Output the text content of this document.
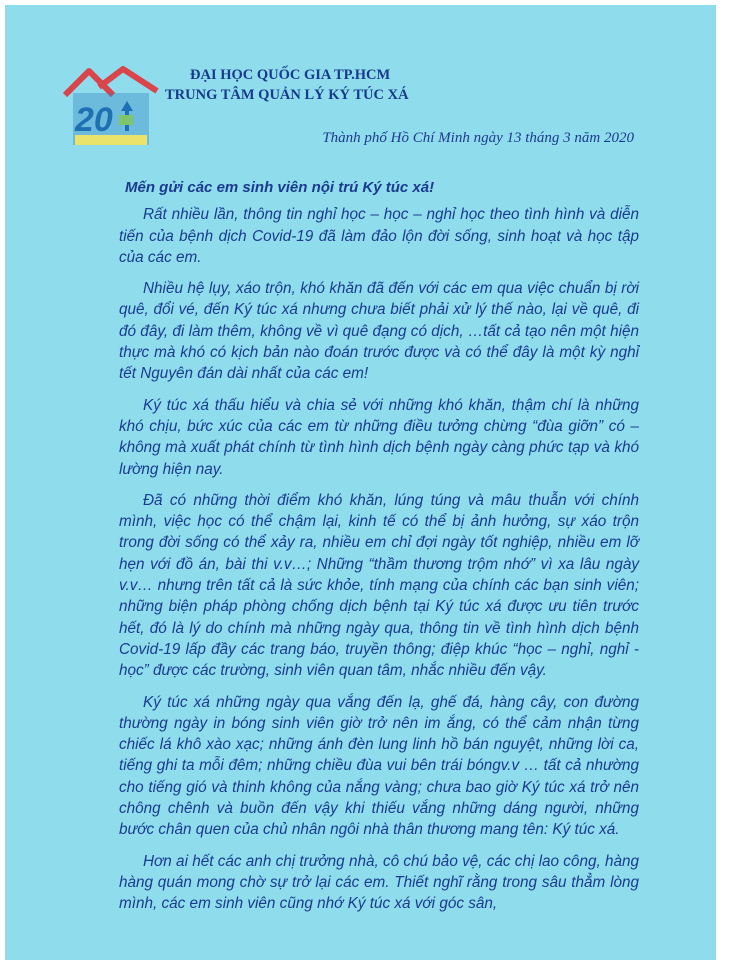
20
ĐẠI HỌC QUỐC GIA TP.HCM
TRUNG TÂM QUẢN LÝ KÝ TÚC XÁ
Thành phố Hồ Chí Minh ngày 13 tháng 3 năm 2020
Mến gửi các em sinh viên nội trú Ký túc xá!

Rất nhiều lần, thông tin nghỉ học – học – nghỉ học theo tình hình và diễn tiến của bệnh dịch Covid-19 đã làm đảo lộn đời sống, sinh hoạt và học tập của các em.

Nhiều hệ lụy, xáo trộn, khó khăn đã đến với các em qua việc chuẩn bị rời quê, đổi vé, đến Ký túc xá nhưng chưa biết phải xử lý thế nào, lại về quê, đi đó đây, đi làm thêm, không về vì quê đạng có dịch, …tất cả tạo nên một hiện thực mà khó có kịch bản nào đoán trước được và có thể đây là một kỳ nghỉ tết Nguyên đán dài nhất của các em!

Ký túc xá thấu hiểu và chia sẻ với những khó khăn, thậm chí là những khó chịu, bức xúc của các em từ những điều tưởng chừng “đùa giỡn” có – không mà xuất phát chính từ tình hình dịch bệnh ngày càng phức tạp và khó lường hiện nay.

Đã có những thời điểm khó khăn, lúng túng và mâu thuẫn với chính mình, việc học có thể chậm lại, kinh tế có thể bị ảnh hưởng, sự xáo trộn trong đời sống có thể xảy ra, nhiều em chỉ đợi ngày tốt nghiệp, nhiều em lỡ hẹn với đồ án, bài thi v.v…; Những “thầm thương trộm nhớ” vì xa lâu ngày v.v… nhưng trên tất cả là sức khỏe, tính mạng của chính các bạn sinh viên; những biện pháp phòng chống dịch bệnh tại Ký túc xá được ưu tiên trước hết, đó là lý do chính mà những ngày qua, thông tin về tình hình dịch bệnh Covid-19 lấp đầy các trang báo, truyền thông; điệp khúc “học – nghỉ, nghỉ - học” được các trường, sinh viên quan tâm, nhắc nhiều đến vậy.

Ký túc xá những ngày qua vắng đến lạ, ghế đá, hàng cây, con đường thường ngày in bóng sinh viên giờ trở nên im ắng, có thể cảm nhận từng chiếc lá khô xào xạc; những ánh đèn lung linh hồ bán nguyệt, những lời ca, tiếng ghi ta mỗi đêm; những chiều đùa vui bên trái bóngv.v … tất cả nhường cho tiếng gió và thinh không của nắng vàng; chưa bao giờ Ký túc xá trở nên chông chênh và buồn đến vậy khi thiếu vắng những dáng người, những bước chân quen của chủ nhân ngôi nhà thân thương mang tên: Ký túc xá.

Hơn ai hết các anh chị trưởng nhà, cô chú bảo vệ, các chị lao công, hàng hàng quán mong chờ sự trở lại các em. Thiết nghĩ rằng trong sâu thẳm lòng mình, các em sinh viên cũng nhớ Ký túc xá với góc sân,
